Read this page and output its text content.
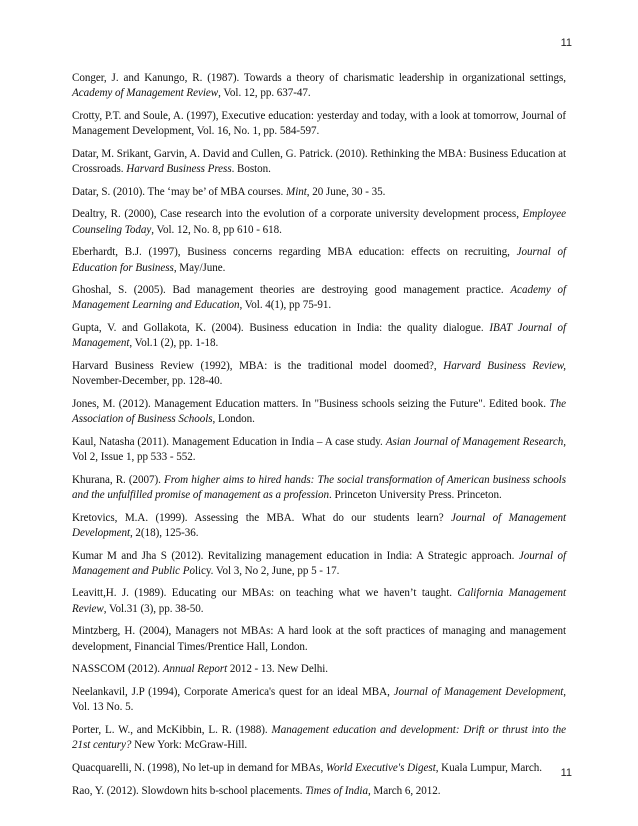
11

Conger, J. and Kanungo, R. (1987). Towards a theory of charismatic leadership in organizational settings, Academy of Management Review, Vol. 12, pp. 637-47.

Crotty, P.T. and Soule, A. (1997), Executive education: yesterday and today, with a look at tomorrow, Journal of Management Development, Vol. 16, No. 1, pp. 584-597.

Datar, M. Srikant, Garvin, A. David and Cullen, G. Patrick. (2010). Rethinking the MBA: Business Education at Crossroads. Harvard Business Press. Boston.

Datar, S. (2010). The ‘may be’ of MBA courses. Mint, 20 June, 30 - 35.

Dealtry, R. (2000), Case research into the evolution of a corporate university development process, Employee Counseling Today, Vol. 12, No. 8, pp 610 - 618.

Eberhardt, B.J. (1997), Business concerns regarding MBA education: effects on recruiting, Journal of Education for Business, May/June.

Ghoshal, S. (2005). Bad management theories are destroying good management practice. Academy of Management Learning and Education, Vol. 4(1), pp 75-91.

Gupta, V. and Gollakota, K. (2004). Business education in India: the quality dialogue. IBAT Journal of Management, Vol.1 (2), pp. 1-18.

Harvard Business Review (1992), MBA: is the traditional model doomed?, Harvard Business Review, November-December, pp. 128-40.

Jones, M. (2012). Management Education matters. In "Business schools seizing the Future". Edited book. The Association of Business Schools, London.

Kaul, Natasha (2011). Management Education in India – A case study. Asian Journal of Management Research, Vol 2, Issue 1, pp 533 - 552.

Khurana, R. (2007). From higher aims to hired hands: The social transformation of American business schools and the unfulfilled promise of management as a profession. Princeton University Press. Princeton.

Kretovics, M.A. (1999). Assessing the MBA. What do our students learn? Journal of Management Development, 2(18), 125-36.

Kumar M and Jha S (2012). Revitalizing management education in India: A Strategic approach. Journal of Management and Public Policy. Vol 3, No 2, June, pp 5 - 17.

Leavitt,H. J. (1989). Educating our MBAs: on teaching what we haven’t taught. California Management Review, Vol.31 (3), pp. 38-50.

Mintzberg, H. (2004), Managers not MBAs: A hard look at the soft practices of managing and management development, Financial Times/Prentice Hall, London.

NASSCOM (2012). Annual Report 2012 - 13. New Delhi.

Neelankavil, J.P (1994), Corporate America's quest for an ideal MBA, Journal of Management Development, Vol. 13 No. 5.

Porter, L. W., and McKibbin, L. R. (1988). Management education and development: Drift or thrust into the 21st century? New York: McGraw-Hill.

Quacquarelli, N. (1998), No let-up in demand for MBAs, World Executive's Digest, Kuala Lumpur, March.

Rao, Y. (2012). Slowdown hits b-school placements. Times of India, March 6, 2012.

11
